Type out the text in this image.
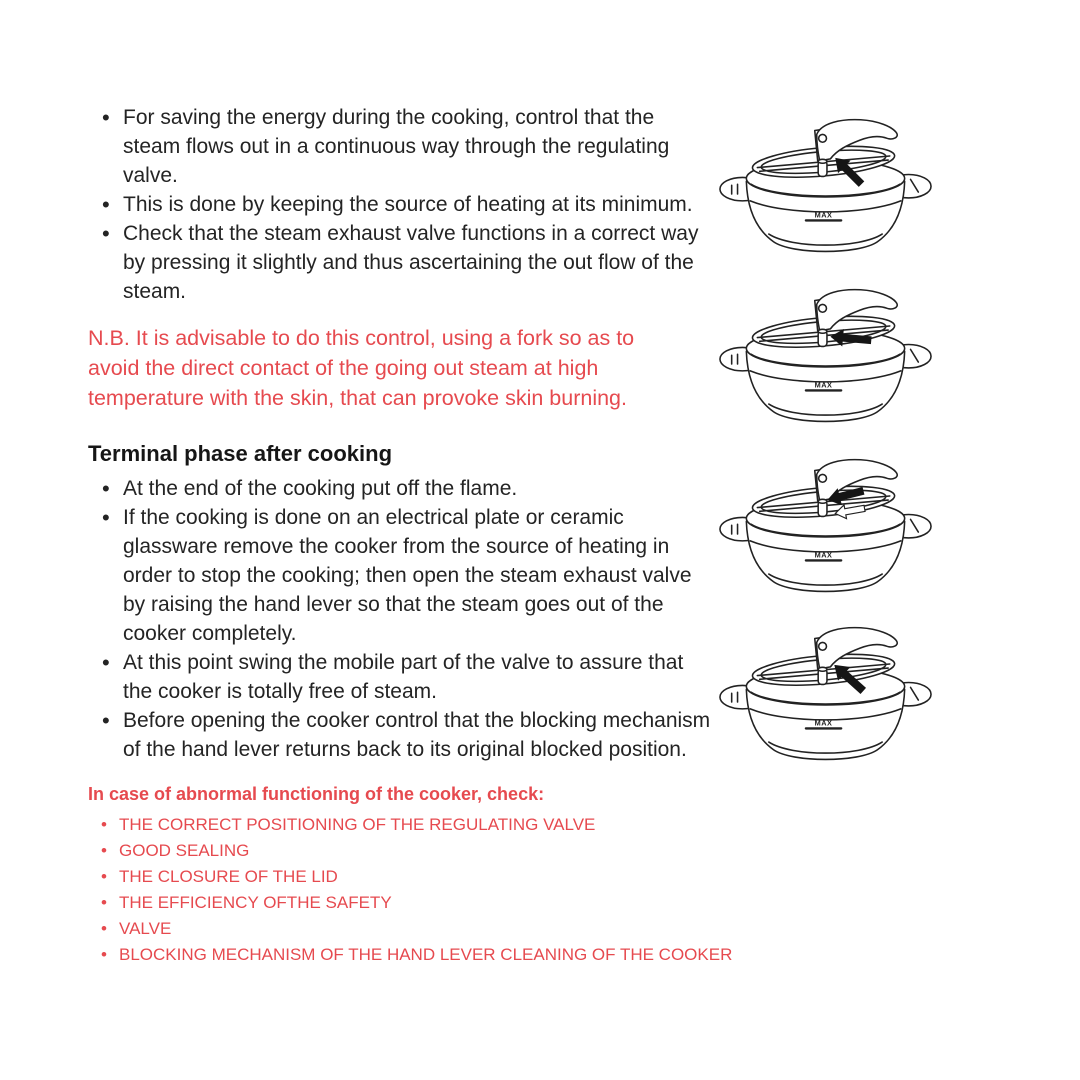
• For saving the energy during the cooking, control that the steam flows out in a continuous way through the regulating valve.
• This is done by keeping the source of heating at its minimum.
• Check that the steam exhaust valve functions in a correct way by pressing it slightly and thus ascertaining the out flow of the steam.

N.B. It is advisable to do this control, using a fork so as to avoid the direct contact of the going out steam at high temperature with the skin, that can provoke skin burning.

Terminal phase after cooking
• At the end of the cooking put off the flame.
• If the cooking is done on an electrical plate or ceramic glassware remove the cooker from the source of heating in order to stop the cooking; then open the steam exhaust valve by raising the hand lever so that the steam goes out of the cooker completely.
• At this point swing the mobile part of the valve to assure that the cooker is totally free of steam.
• Before opening the cooker control that the blocking mechanism of the hand lever returns back to its original blocked position.
In case of abnormal functioning of the cooker, check:
• THE CORRECT POSITIONING OF THE REGULATING VALVE
• GOOD SEALING
• THE CLOSURE OF THE LID
• THE EFFICIENCY OFTHE SAFETY
• VALVE
• BLOCKING MECHANISM OF THE HAND LEVER CLEANING OF THE COOKER
MAX
MAX
MAX
MAX
